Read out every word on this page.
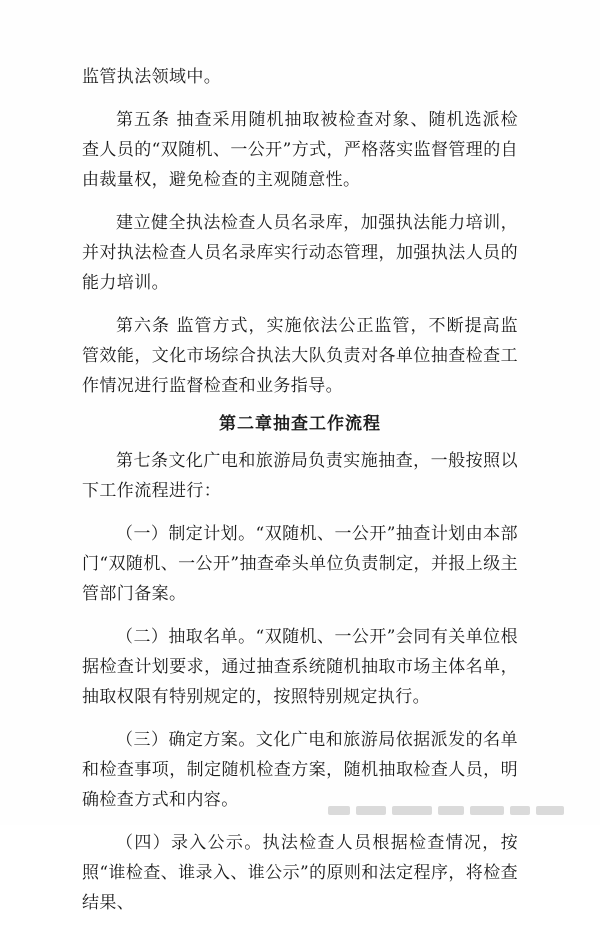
监管执法领域中。

第五条 抽查采用随机抽取被检查对象、随机选派检查人员的“双随机、一公开”方式，严格落实监督管理的自由裁量权，避免检查的主观随意性。

建立健全执法检查人员名录库，加强执法能力培训，并对执法检查人员名录库实行动态管理，加强执法人员的能力培训。

第六条 监管方式，实施依法公正监管，不断提高监管效能，文化市场综合执法大队负责对各单位抽查检查工作情况进行监督检查和业务指导。

第二章抽查工作流程

第七条文化广电和旅游局负责实施抽查，一般按照以下工作流程进行：

（一）制定计划。“双随机、一公开”抽查计划由本部门“双随机、一公开”抽查牵头单位负责制定，并报上级主管部门备案。

（二）抽取名单。“双随机、一公开”会同有关单位根据检查计划要求，通过抽查系统随机抽取市场主体名单，抽取权限有特别规定的，按照特别规定执行。

（三）确定方案。文化广电和旅游局依据派发的名单和检查事项，制定随机检查方案，随机抽取检查人员，明确检查方式和内容。

（四）录入公示。执法检查人员根据检查情况，按照“谁检查、谁录入、谁公示”的原则和法定程序，将检查结果、
